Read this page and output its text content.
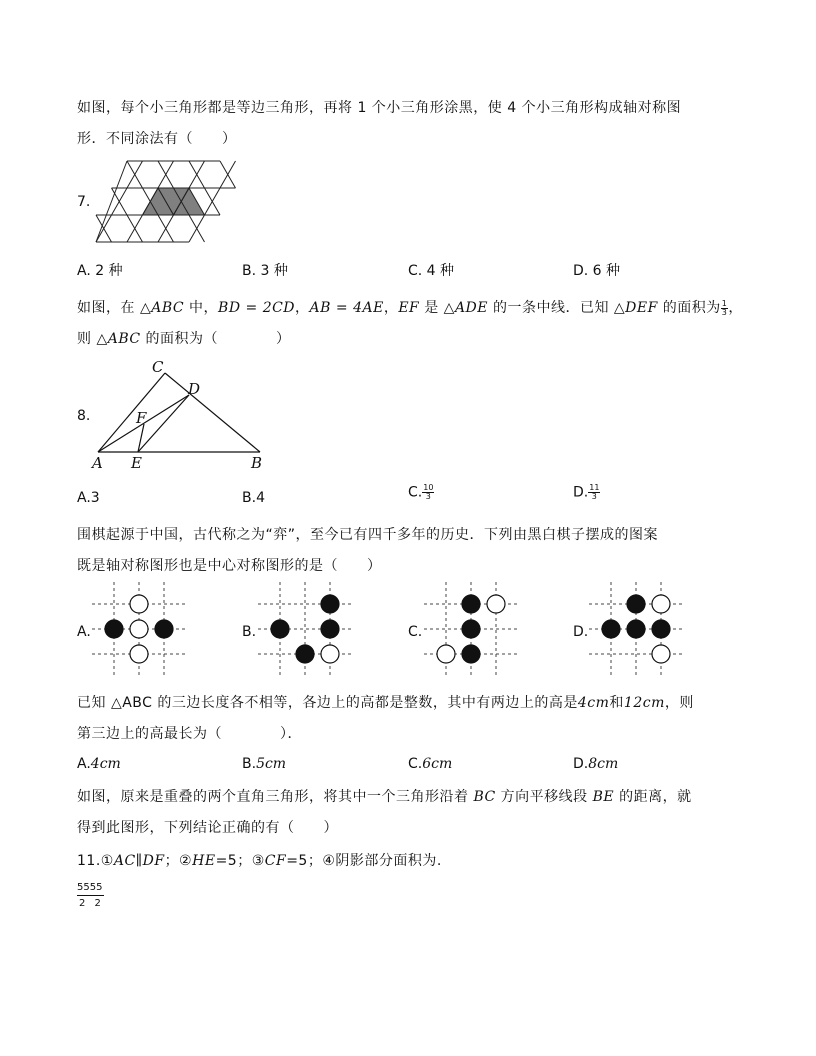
如图，每个小三角形都是等边三角形，再将 1 个小三角形涂黑，使 4 个小三角形构成轴对称图
形．不同涂法有（　　）
7.
A. 2 种	B. 3 种	C. 4 种	D. 6 种
如图，在 △ABC 中，BD = 2CD，AB = 4AE，EF 是 △ADE 的一条中线．已知 △DEF 的面积为 $\frac{1}{3}$ ，
则 △ABC 的面积为（　　　　）
8.
C
D
F
A E	B
A.3	B.4	C. $\frac{10}{3}$	D. $\frac{11}{3}$
围棋起源于中国，古代称之为“弈”，至今已有四千多年的历史．下列由黑白棋子摆成的图案
既是轴对称图形也是中心对称图形的是（　　）
A.	B.	C.	D.
已知 △ABC 的三边长度各不相等，各边上的高都是整数，其中有两边上的高是4cm和12cm，则
第三边上的高最长为（　　　　）．
A.4cm	B.5cm	C.6cm	D.8cm
如图，原来是重叠的两个直角三角形，将其中一个三角形沿着 BC 方向平移线段 BE 的距离，就
得到此图形，下列结论正确的有（　　）
11.①AC∥DF；②HE=5；③CF=5；④阴影部分面积为.
5555
2 2
